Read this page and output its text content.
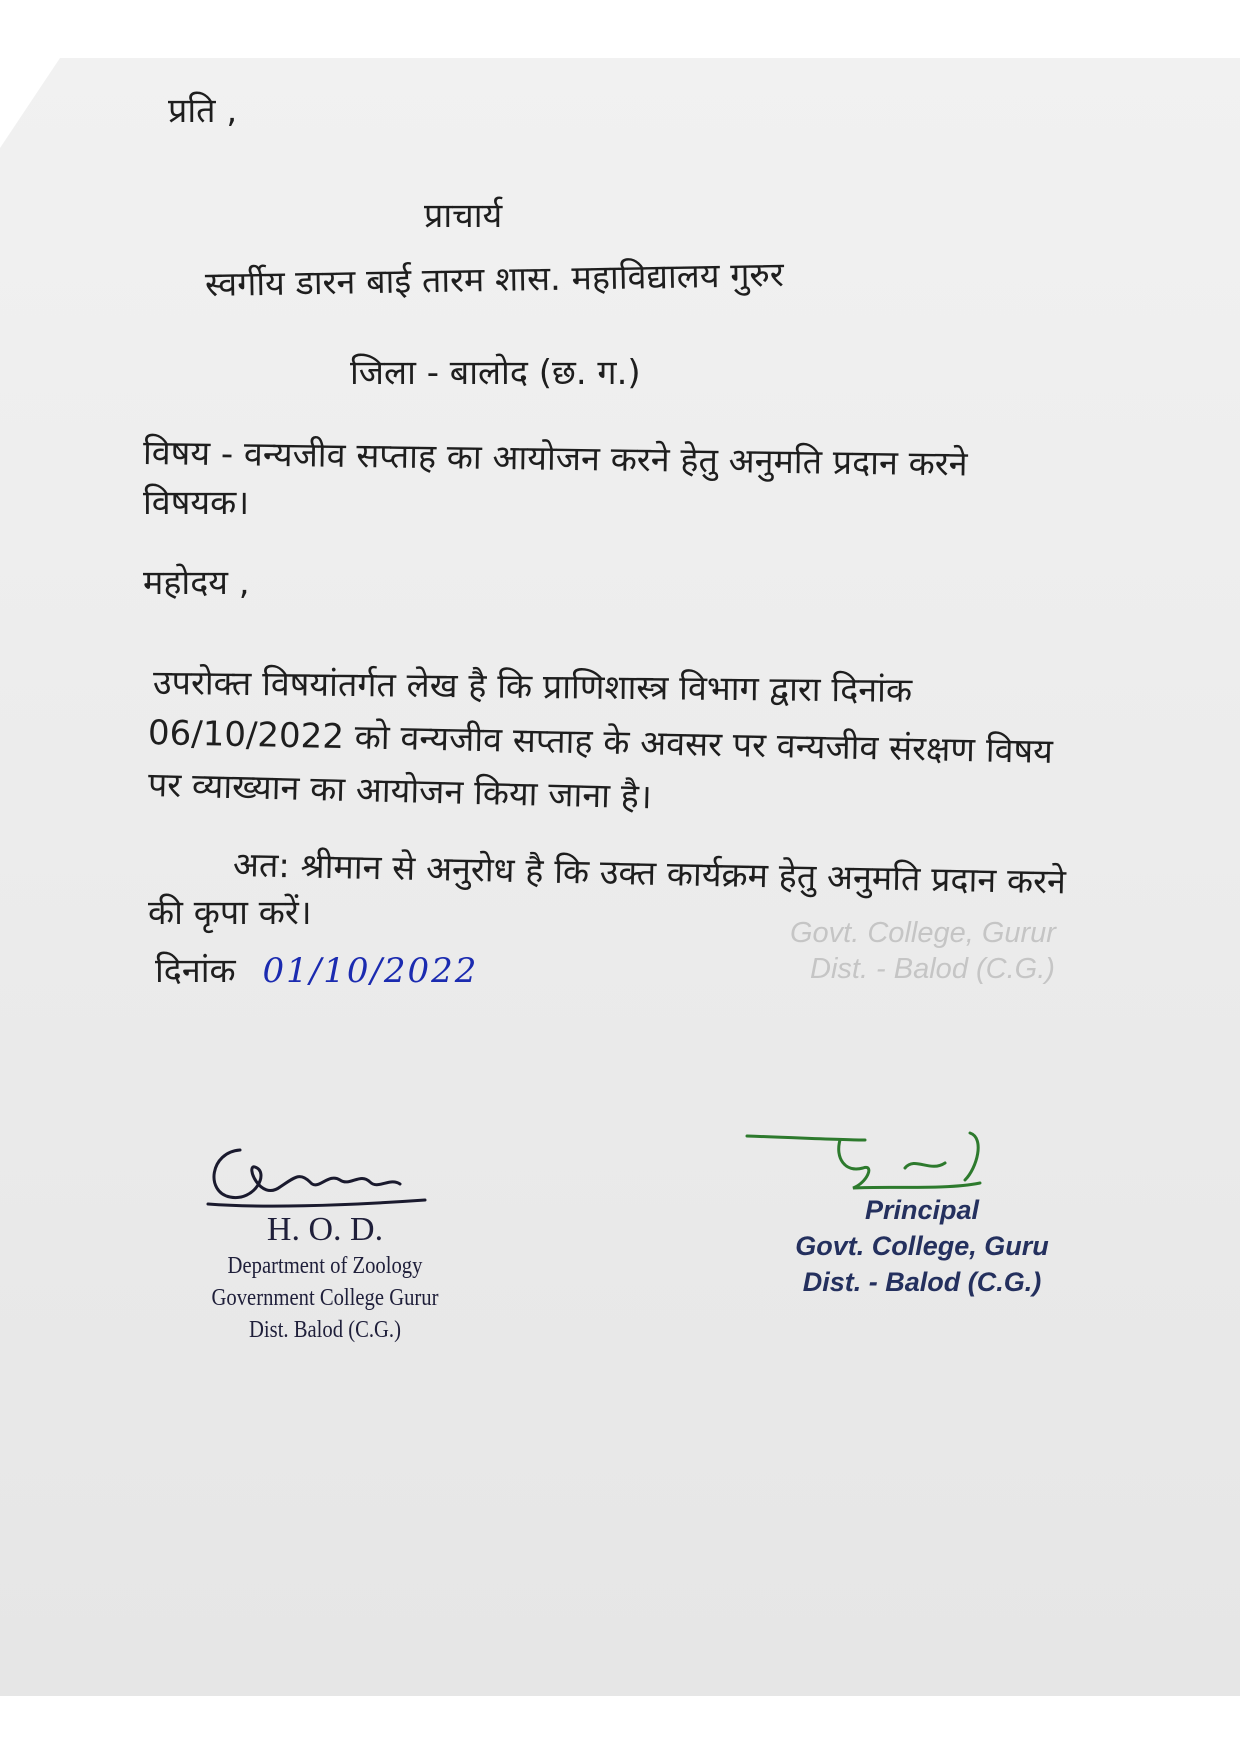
Govt. College, Gurur
Dist. - Balod (C.G.)
प्रति ,
प्राचार्य
स्वर्गीय डारन बाई तारम शास. महाविद्यालय गुरुर
जिला - बालोद (छ. ग.)
विषय - वन्यजीव सप्ताह का आयोजन करने हेतु अनुमति प्रदान करने
विषयक।
महोदय ,
उपरोक्त विषयांतर्गत लेख है कि प्राणिशास्त्र विभाग द्वारा दिनांक
06/10/2022 को वन्यजीव सप्ताह के अवसर पर वन्यजीव संरक्षण विषय
पर व्याख्यान का आयोजन किया जाना है।
अत: श्रीमान से अनुरोध है कि उक्त कार्यक्रम हेतु अनुमति प्रदान करने
की कृपा करें।
दिनांक 01/10/2022
H. O. D.
Department of Zoology
Government College Gurur
Dist. Balod (C.G.)
Principal
Govt. College, Guru
Dist. - Balod (C.G.)
